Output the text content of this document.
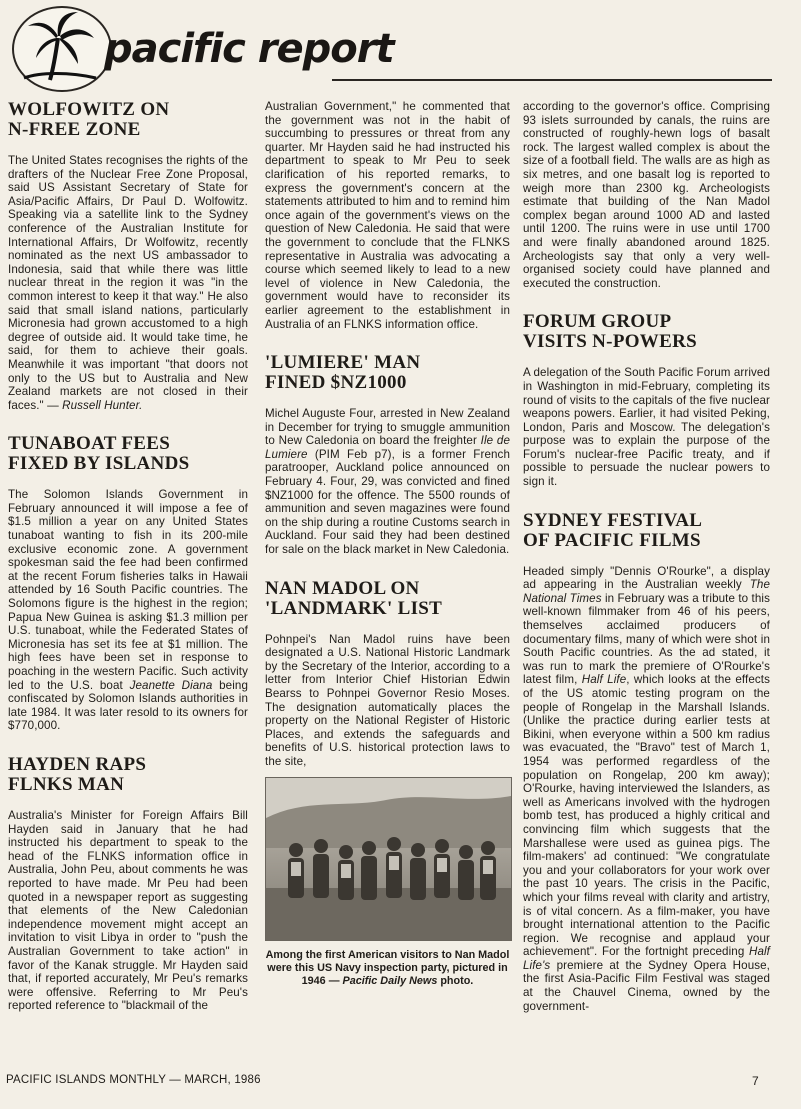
pacific report
WOLFOWITZ ON
N-FREE ZONE

The United States recognises the rights of the drafters of the Nuclear Free Zone Proposal, said US Assistant Secretary of State for Asia/Pacific Affairs, Dr Paul D. Wolfowitz. Speaking via a satellite link to the Sydney conference of the Australian Institute for International Affairs, Dr Wolfowitz, recently nominated as the next US ambassador to Indonesia, said that while there was little nuclear threat in the region it was "in the common interest to keep it that way." He also said that small island nations, particularly Micronesia had grown accustomed to a high degree of outside aid. It would take time, he said, for them to achieve their goals. Meanwhile it was important "that doors not only to the US but to Australia and New Zealand markets are not closed in their faces." — Russell Hunter.

TUNABOAT FEES
FIXED BY ISLANDS

The Solomon Islands Government in February announced it will impose a fee of $1.5 million a year on any United States tunaboat wanting to fish in its 200-mile exclusive economic zone. A government spokesman said the fee had been confirmed at the recent Forum fisheries talks in Hawaii attended by 16 South Pacific countries. The Solomons figure is the highest in the region; Papua New Guinea is asking $1.3 million per U.S. tunaboat, while the Federated States of Micronesia has set its fee at $1 million. The high fees have been set in response to poaching in the western Pacific. Such activity led to the U.S. boat Jeanette Diana being confiscated by Solomon Islands authorities in late 1984. It was later resold to its owners for $770,000.

HAYDEN RAPS
FLNKS MAN

Australia's Minister for Foreign Affairs Bill Hayden said in January that he had instructed his department to speak to the head of the FLNKS information office in Australia, John Peu, about comments he was reported to have made. Mr Peu had been quoted in a newspaper report as suggesting that elements of the New Caledonian independence movement might accept an invitation to visit Libya in order to "push the Australian Government to take action" in favor of the Kanak struggle. Mr Hayden said that, if reported accurately, Mr Peu's remarks were offensive. Referring to Mr Peu's reported reference to "blackmail of the

Australian Government," he commented that the government was not in the habit of succumbing to pressures or threat from any quarter. Mr Hayden said he had instructed his department to speak to Mr Peu to seek clarification of his reported remarks, to express the government's concern at the statements attributed to him and to remind him once again of the government's views on the question of New Caledonia. He said that were the government to conclude that the FLNKS representative in Australia was advocating a course which seemed likely to lead to a new level of violence in New Caledonia, the government would have to reconsider its earlier agreement to the establishment in Australia of an FLNKS information office.

'LUMIERE' MAN
FINED $NZ1000

Michel Auguste Four, arrested in New Zealand in December for trying to smuggle ammunition to New Caledonia on board the freighter Ile de Lumiere (PIM Feb p7), is a former French paratrooper, Auckland police announced on February 4. Four, 29, was convicted and fined $NZ1000 for the offence. The 5500 rounds of ammunition and seven magazines were found on the ship during a routine Customs search in Auckland. Four said they had been destined for sale on the black market in New Caledonia.

NAN MADOL ON
'LANDMARK' LIST

Pohnpei's Nan Madol ruins have been designated a U.S. National Historic Landmark by the Secretary of the Interior, according to a letter from Interior Chief Historian Edwin Bearss to Pohnpei Governor Resio Moses. The designation automatically places the property on the National Register of Historic Places, and extends the safeguards and benefits of U.S. historical protection laws to the site,

Among the first American visitors to Nan Madol were this US Navy inspection party, pictured in 1946 — Pacific Daily News photo.

according to the governor's office. Comprising 93 islets surrounded by canals, the ruins are constructed of roughly-hewn logs of basalt rock. The largest walled complex is about the size of a football field. The walls are as high as six metres, and one basalt log is reported to weigh more than 2300 kg. Archeologists estimate that building of the Nan Madol complex began around 1000 AD and lasted until 1200. The ruins were in use until 1700 and were finally abandoned around 1825. Archeologists say that only a very well-organised society could have planned and executed the construction.

FORUM GROUP
VISITS N-POWERS

A delegation of the South Pacific Forum arrived in Washington in mid-February, completing its round of visits to the capitals of the five nuclear weapons powers. Earlier, it had visited Peking, London, Paris and Moscow. The delegation's purpose was to explain the purpose of the Forum's nuclear-free Pacific treaty, and if possible to persuade the nuclear powers to sign it.

SYDNEY FESTIVAL
OF PACIFIC FILMS

Headed simply "Dennis O'Rourke", a display ad appearing in the Australian weekly The National Times in February was a tribute to this well-known filmmaker from 46 of his peers, themselves acclaimed producers of documentary films, many of which were shot in South Pacific countries. As the ad stated, it was run to mark the premiere of O'Rourke's latest film, Half Life, which looks at the effects of the US atomic testing program on the people of Rongelap in the Marshall Islands. (Unlike the practice during earlier tests at Bikini, when everyone within a 500 km radius was evacuated, the "Bravo" test of March 1, 1954 was performed regardless of the population on Rongelap, 200 km away); O'Rourke, having interviewed the Islanders, as well as Americans involved with the hydrogen bomb test, has produced a highly critical and convincing film which suggests that the Marshallese were used as guinea pigs. The film-makers' ad continued: "We congratulate you and your collaborators for your work over the past 10 years. The crisis in the Pacific, which your films reveal with clarity and artistry, is of vital concern. As a film-maker, you have brought international attention to the Pacific region. We recognise and applaud your achievement". For the fortnight preceding Half Life's premiere at the Sydney Opera House, the first Asia-Pacific Film Festival was staged at the Chauvel Cinema, owned by the government-

PACIFIC ISLANDS MONTHLY — MARCH, 1986	7
